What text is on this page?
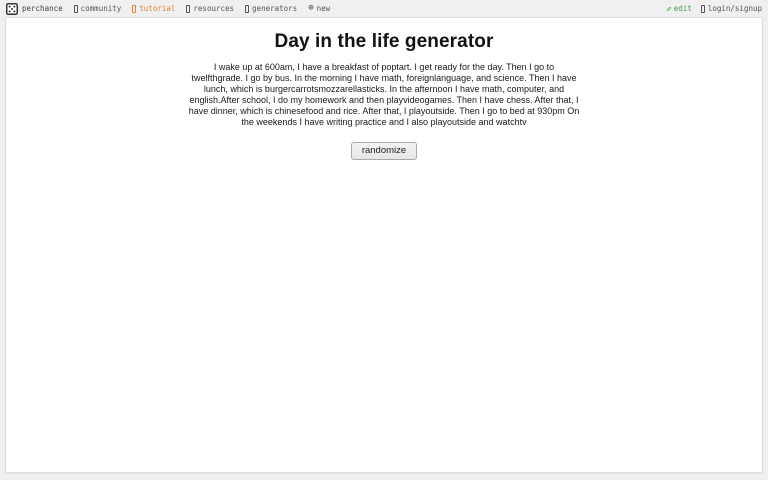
perchance community tutorial resources generators ⊕ new	✎ edit login/signup
Day in the life generator

I wake up at 600am, I have a breakfast of poptart. I get ready for the day. Then I go to twelfthgrade. I go by bus. In the morning I have math, foreignlanguage, and science. Then I have lunch, which is burgercarrotsmozzarellasticks. In the afternoon I have math, computer, and english.After school, I do my homework and then playvideogames. Then I have chess. After that, I have dinner, which is chinesefood and rice. After that, I playoutside. Then I go to bed at 930pm On the weekends I have writing practice and I also playoutside and watchtv

randomize
